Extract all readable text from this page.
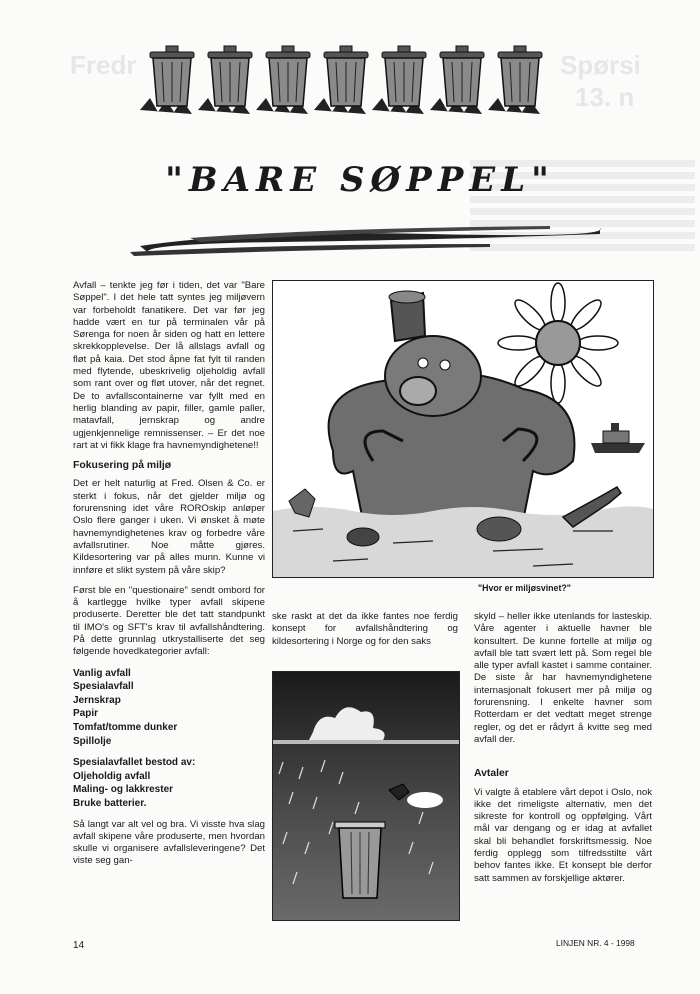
Fredr	Spørsi
13. n
"BARE SØPPEL"

Avfall – tenkte jeg før i tiden, det var "Bare Søppel". I det hele tatt syntes jeg miljøvern var forbeholdt fanatikere. Det var før jeg hadde vært en tur på terminalen vår på Sørenga for noen år siden og hatt en lettere skrekkopplevelse. Der lå allslags avfall og fløt på kaia. Det stod åpne fat fylt til randen med flytende, ubeskrivelig oljeholdig avfall som rant over og fløt utover, når det regnet. De to avfallscontainerne var fyllt med en herlig blanding av papir, filler, gamle paller, matavfall, jernskrap og andre ugjenkjennelige remnissenser. – Er det noe rart at vi fikk klage fra havnemyndighetene!!

Fokusering på miljø

Det er helt naturlig at Fred. Olsen & Co. er sterkt i fokus, når det gjelder miljø og forurensning idet våre ROROskip anløper Oslo flere ganger i uken. Vi ønsket å møte havnemyndighetenes krav og forbedre våre avfallsrutiner. Noe måtte gjøres. Kildesortering var på alles munn. Kunne vi innføre et slikt system på våre skip?

Først ble en "questionaire" sendt ombord for å kartlegge hvilke typer avfall skipene produserte. Deretter ble det tatt standpunkt til IMO's og SFT's krav til avfallshåndtering. På dette grunnlag utkrystalliserte det seg følgende hovedkategorier avfall:

Vanlig avfall
Spesialavfall
Jernskrap
Papir
Tomfat/tomme dunker
Spillolje
Spesialavfallet bestod av:
Oljeholdig avfall
Maling- og lakkrester
Bruke batterier.

Så langt var alt vel og bra. Vi visste hva slag avfall skipene våre produserte, men hvordan skulle vi organisere avfallsleveringene? Det viste seg gan-

"Hvor er miljøsvinet?"

ske raskt at det da ikke fantes noe ferdig konsept for avfallshåndtering og kildesortering i Norge og for den saks

skyld – heller ikke utenlands for lasteskip. Våre agenter i aktuelle havner ble konsultert. De kunne fortelle at miljø og avfall ble tatt svært lett på. Som regel ble alle typer avfall kastet i samme container. De siste år har havnemyndighetene internasjonalt fokusert mer på miljø og forurensning. I enkelte havner som Rotterdam er det vedtatt meget strenge regler, og det er rådyrt å kvitte seg med avfall der.

Avtaler

Vi valgte å etablere vårt depot i Oslo, nok ikke det rimeligste alternativ, men det sikreste for kontroll og oppfølging. Vårt mål var dengang og er idag at avfallet skal bli behandlet forskriftsmessig. Noe ferdig opplegg som tilfredsstilte vårt behov fantes ikke. Et konsept ble derfor satt sammen av forskjellige aktører.

14	LINJEN NR. 4 - 1998
